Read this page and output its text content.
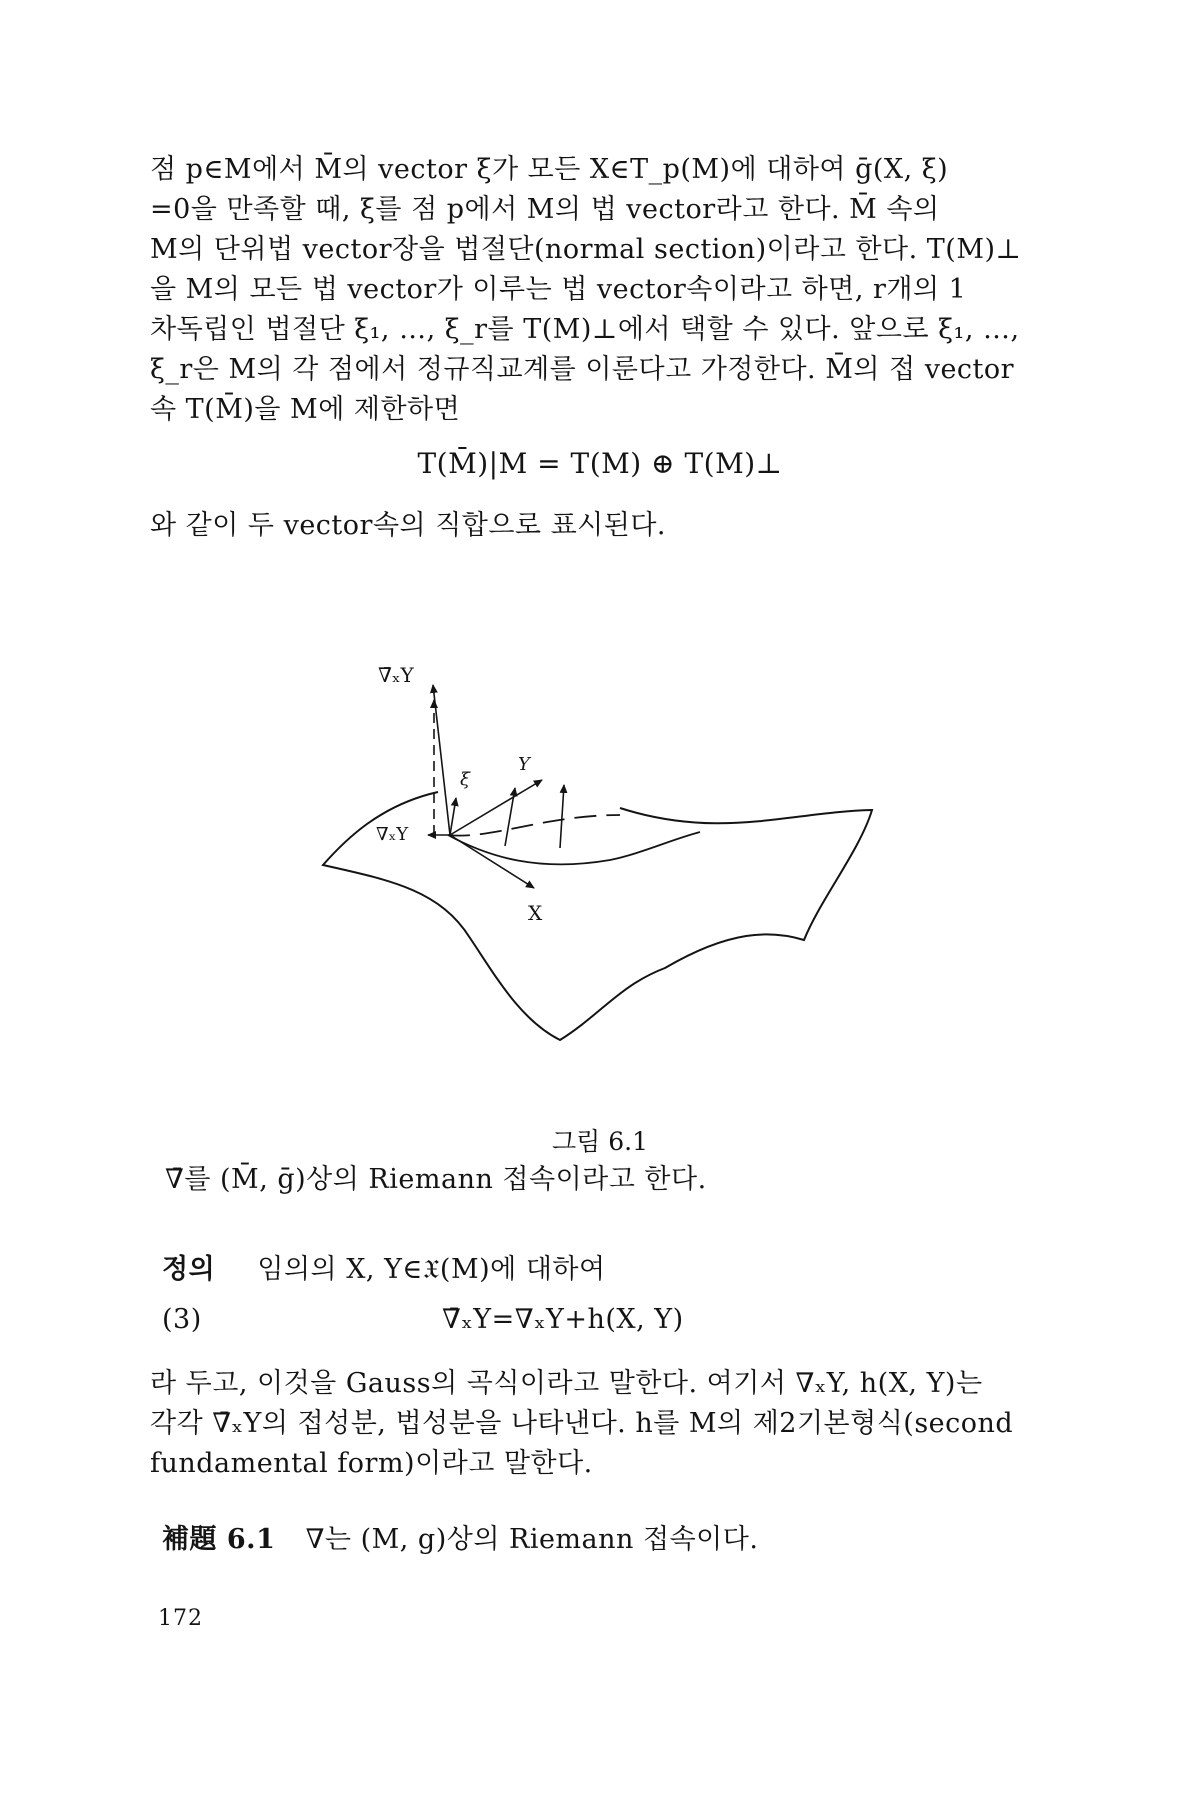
점 p∈M에서 M̄의 vector ξ가 모든 X∈T_p(M)에 대하여 ḡ(X, ξ)
=0을 만족할 때, ξ를 점 p에서 M의 법 vector라고 한다. M̄ 속의
M의 단위법 vector장을 법절단(normal section)이라고 한다. T(M)⊥
을 M의 모든 법 vector가 이루는 법 vector속이라고 하면, r개의 1
차독립인 법절단 ξ₁, …, ξ_r를 T(M)⊥에서 택할 수 있다. 앞으로 ξ₁, …,
ξ_r은 M의 각 점에서 정규직교계를 이룬다고 가정한다. M̄의 접 vector
속 T(M̄)을 M에 제한하면
T(M̄)|M = T(M) ⊕ T(M)⊥
와 같이 두 vector속의 직합으로 표시된다.
∇̄ₓY
∇ₓY
ξ
Y
X
그림 6.1
∇̄를 (M̄, ḡ)상의 Riemann 접속이라고 한다.
정의 임의의 X, Y∈𝔛(M)에 대하여
(3)	∇̄ₓY=∇ₓY+h(X, Y)
라 두고, 이것을 Gauss의 곡식이라고 말한다. 여기서 ∇ₓY, h(X, Y)는
각각 ∇̄ₓY의 접성분, 법성분을 나타낸다. h를 M의 제2기본형식(second
fundamental form)이라고 말한다.
補題 6.1 ∇는 (M, g)상의 Riemann 접속이다.
172
